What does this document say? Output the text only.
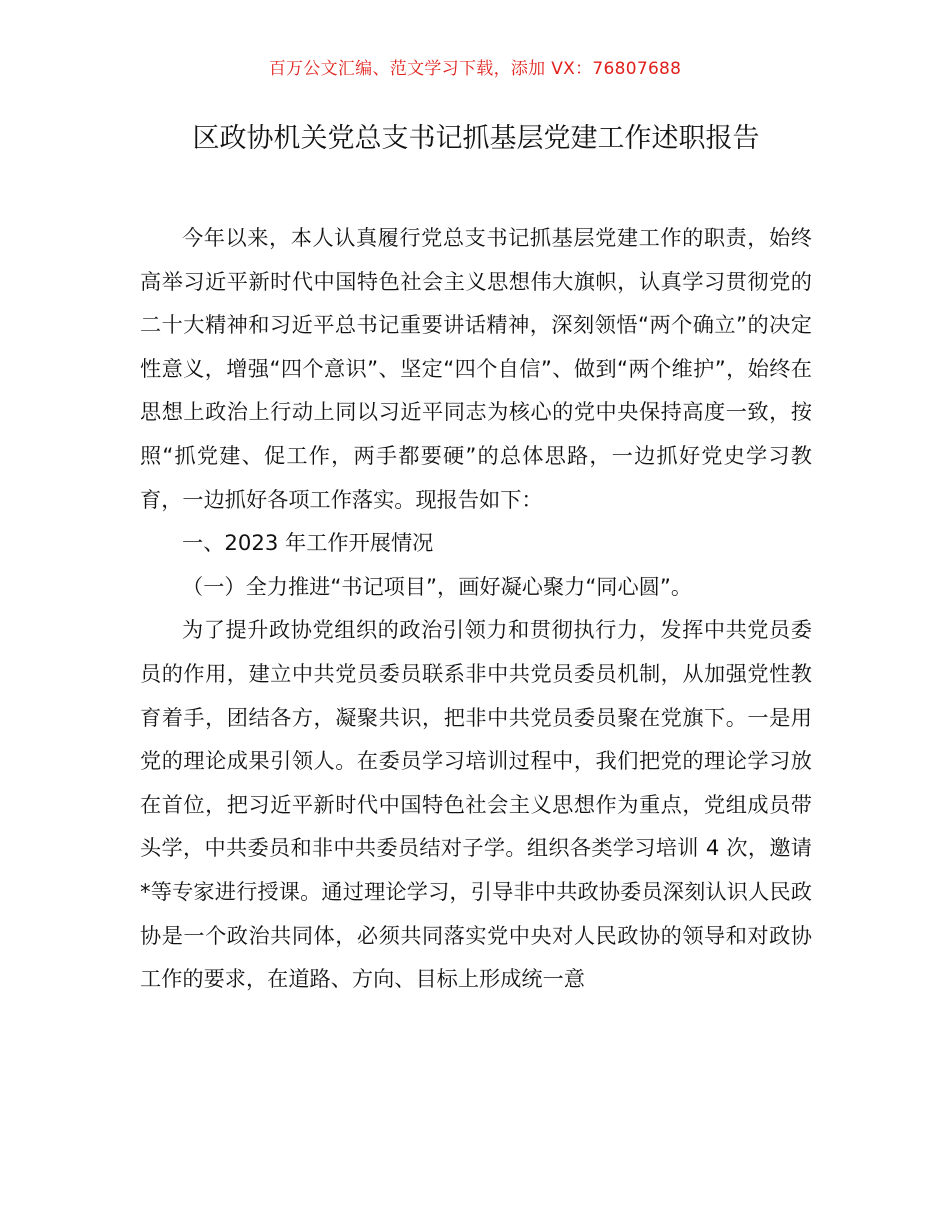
百万公文汇编、范文学习下载，添加 VX：76807688
区政协机关党总支书记抓基层党建工作述职报告

今年以来，本人认真履行党总支书记抓基层党建工作的职责，始终高举习近平新时代中国特色社会主义思想伟大旗帜，认真学习贯彻党的二十大精神和习近平总书记重要讲话精神，深刻领悟“两个确立”的决定性意义，增强“四个意识”、坚定“四个自信”、做到“两个维护”，始终在思想上政治上行动上同以习近平同志为核心的党中央保持高度一致，按照“抓党建、促工作，两手都要硬”的总体思路，一边抓好党史学习教育，一边抓好各项工作落实。现报告如下：

一、2023 年工作开展情况

（一）全力推进“书记项目”，画好凝心聚力“同心圆”。

为了提升政协党组织的政治引领力和贯彻执行力，发挥中共党员委员的作用，建立中共党员委员联系非中共党员委员机制，从加强党性教育着手，团结各方，凝聚共识，把非中共党员委员聚在党旗下。一是用党的理论成果引领人。在委员学习培训过程中，我们把党的理论学习放在首位，把习近平新时代中国特色社会主义思想作为重点，党组成员带头学，中共委员和非中共委员结对子学。组织各类学习培训 4 次，邀请*等专家进行授课。通过理论学习，引导非中共政协委员深刻认识人民政协是一个政治共同体，必须共同落实党中央对人民政协的领导和对政协工作的要求，在道路、方向、目标上形成统一意
